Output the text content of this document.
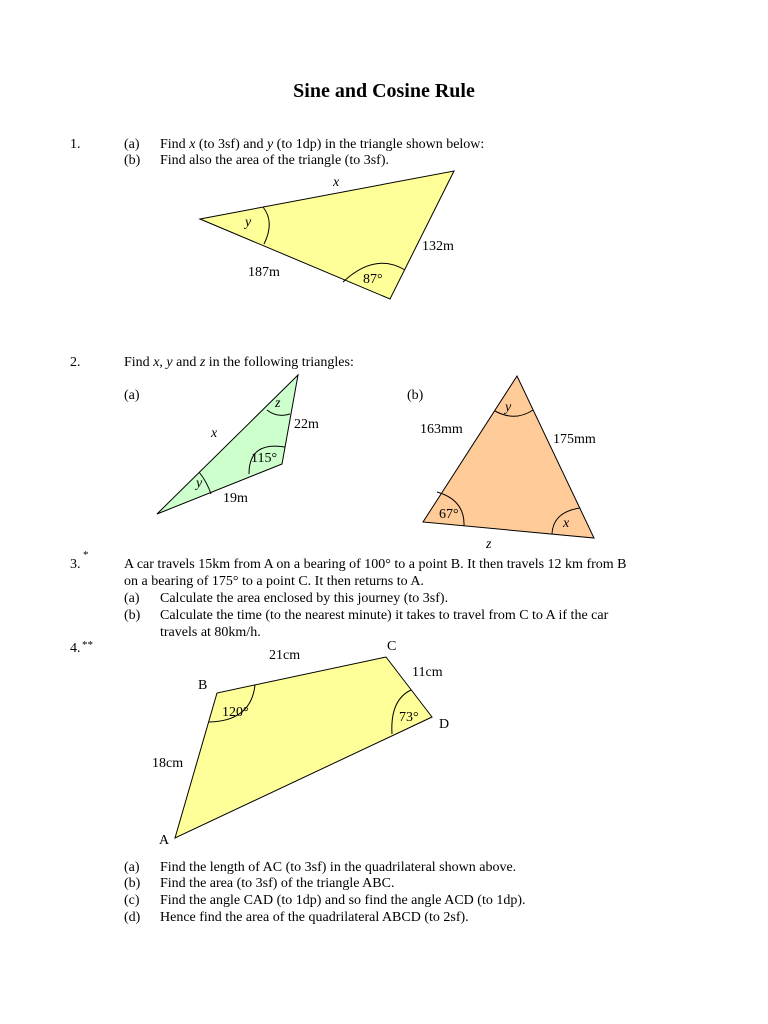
Sine and Cosine Rule
1.	(a) Find x (to 3sf) and y (to 1dp) in the triangle shown below:
(b) Find also the area of the triangle (to 3sf).
x
y
132m
187m	87°
2.	Find x, y and z in the following triangles:
(a)	(b)
z
x
22m
115°
y
19m
y
163mm
175mm
67°
x
z
3.
*
A car travels 15km from A on a bearing of 100° to a point B. It then travels 12 km from B
on a bearing of 175° to a point C. It then returns to A.
(a) Calculate the area enclosed by this journey (to 3sf).
(b) Calculate the time (to the nearest minute) it takes to travel from C to A if the car
travels at 80km/h.
4. **	C
21cm
11cm
B
120°	73° D
18cm
A
(a) Find the length of AC (to 3sf) in the quadrilateral shown above.
(b) Find the area (to 3sf) of the triangle ABC.
(c) Find the angle CAD (to 1dp) and so find the angle ACD (to 1dp).
(d) Hence find the area of the quadrilateral ABCD (to 2sf).
